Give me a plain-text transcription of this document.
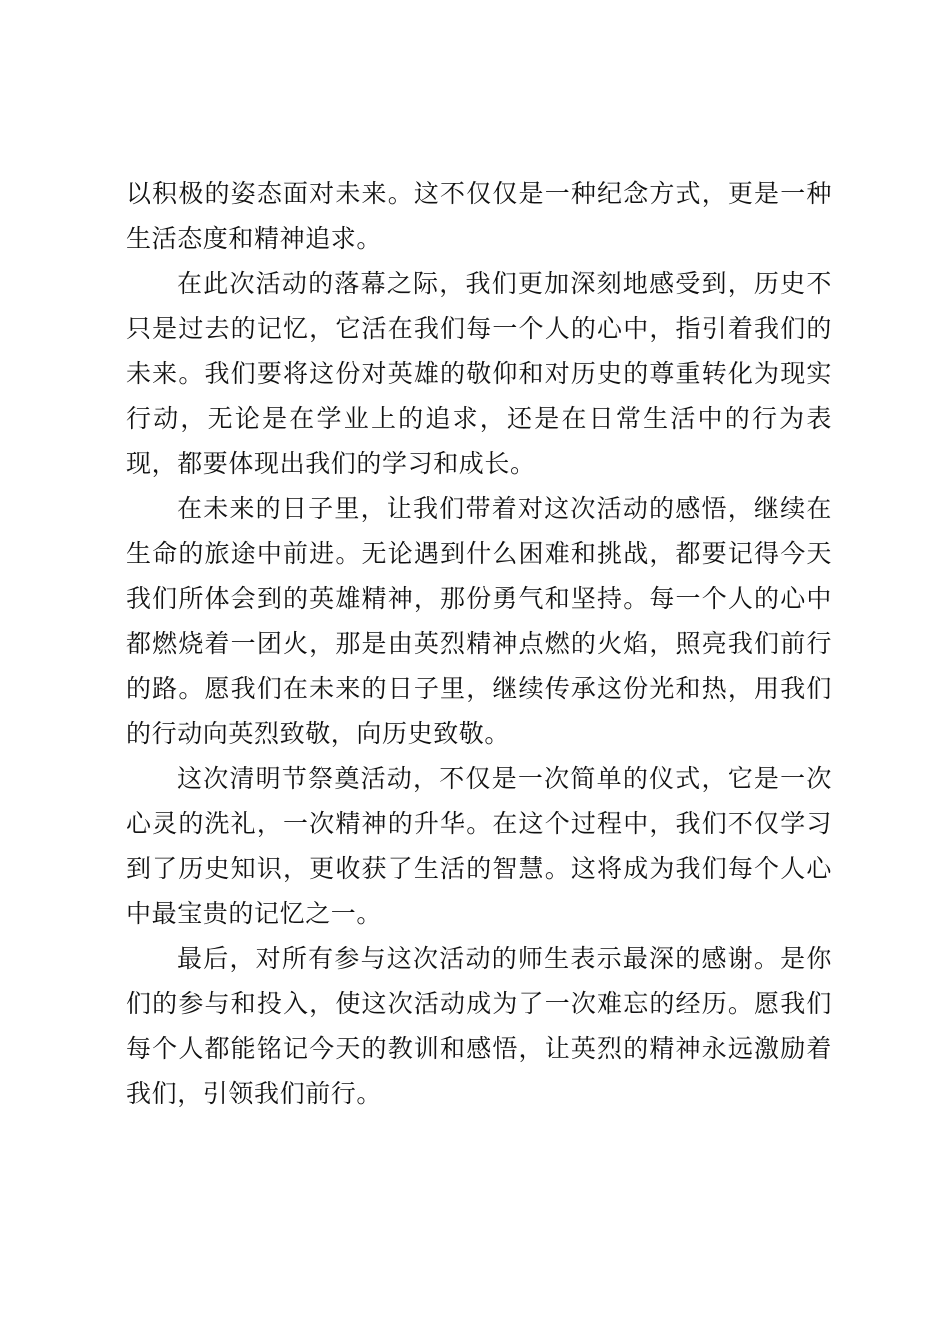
以积极的姿态面对未来。这不仅仅是一种纪念方式，更是一种生活态度和精神追求。

在此次活动的落幕之际，我们更加深刻地感受到，历史不只是过去的记忆，它活在我们每一个人的心中，指引着我们的未来。我们要将这份对英雄的敬仰和对历史的尊重转化为现实行动，无论是在学业上的追求，还是在日常生活中的行为表现，都要体现出我们的学习和成长。

在未来的日子里，让我们带着对这次活动的感悟，继续在生命的旅途中前进。无论遇到什么困难和挑战，都要记得今天我们所体会到的英雄精神，那份勇气和坚持。每一个人的心中都燃烧着一团火，那是由英烈精神点燃的火焰，照亮我们前行的路。愿我们在未来的日子里，继续传承这份光和热，用我们的行动向英烈致敬，向历史致敬。

这次清明节祭奠活动，不仅是一次简单的仪式，它是一次心灵的洗礼，一次精神的升华。在这个过程中，我们不仅学习到了历史知识，更收获了生活的智慧。这将成为我们每个人心中最宝贵的记忆之一。

最后，对所有参与这次活动的师生表示最深的感谢。是你们的参与和投入，使这次活动成为了一次难忘的经历。愿我们每个人都能铭记今天的教训和感悟，让英烈的精神永远激励着我们，引领我们前行。
